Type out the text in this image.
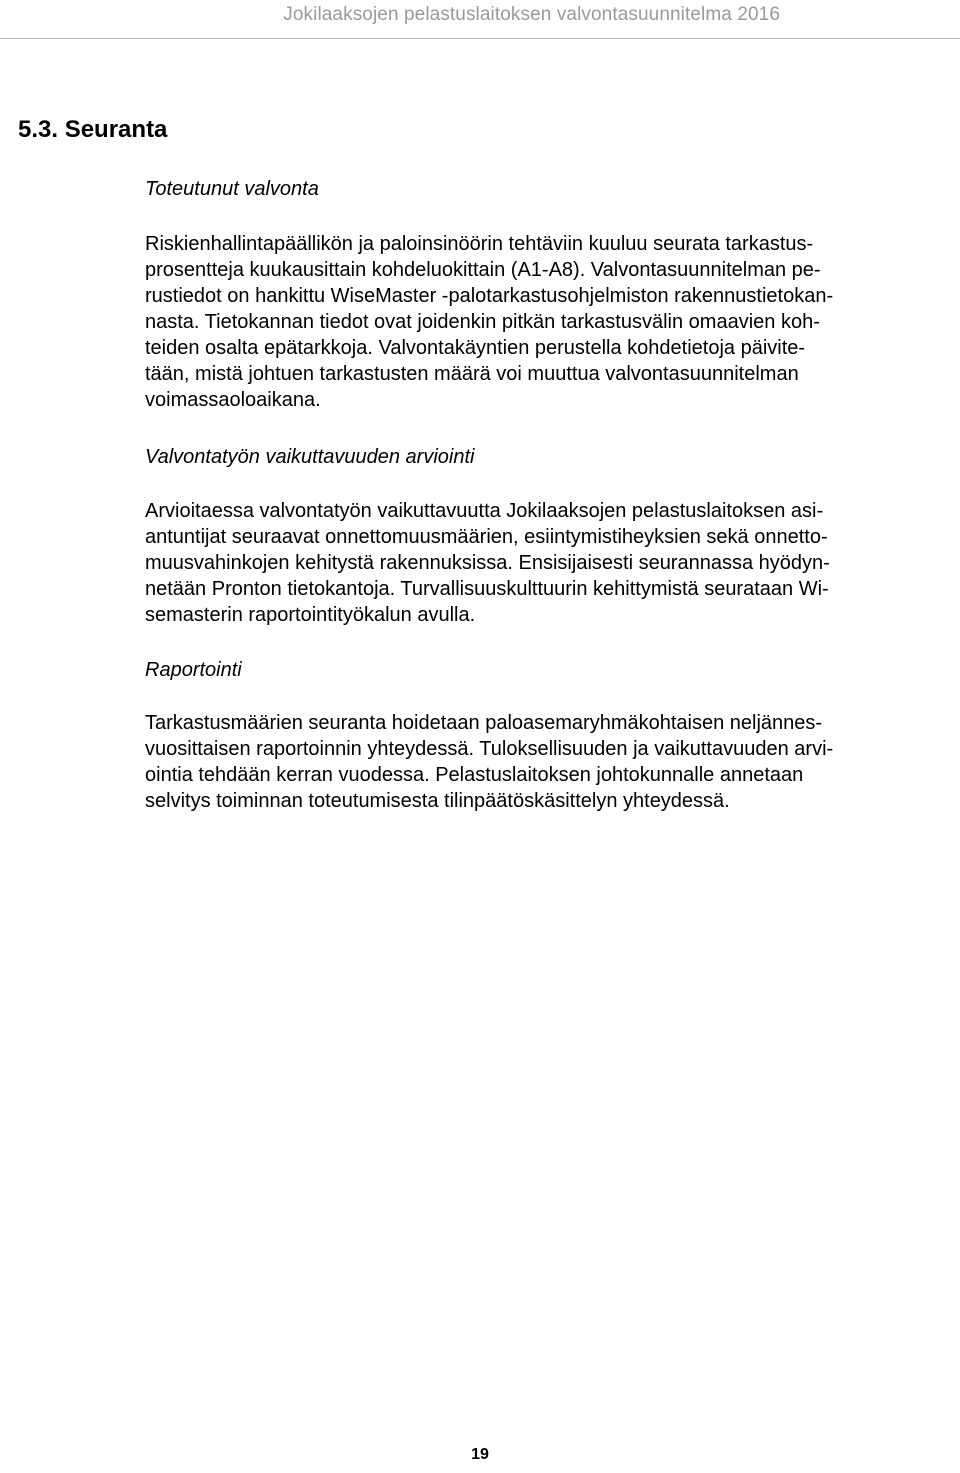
Jokilaaksojen pelastuslaitoksen valvontasuunnitelma 2016
5.3. Seuranta
Toteutunut valvonta
Riskienhallintapäällikön ja paloinsinöörin tehtäviin kuuluu seurata tarkastus-
prosentteja kuukausittain kohdeluokittain (A1-A8). Valvontasuunnitelman pe-
rustiedot on hankittu WiseMaster -palotarkastusohjelmiston rakennustietokan-
nasta. Tietokannan tiedot ovat joidenkin pitkän tarkastusvälin omaavien koh-
teiden osalta epätarkkoja. Valvontakäyntien perustella kohdetietoja päivite-
tään, mistä johtuen tarkastusten määrä voi muuttua valvontasuunnitelman
voimassaoloaikana.
Valvontatyön vaikuttavuuden arviointi
Arvioitaessa valvontatyön vaikuttavuutta Jokilaaksojen pelastuslaitoksen asi-
antuntijat seuraavat onnettomuusmäärien, esiintymistiheyksien sekä onnetto-
muusvahinkojen kehitystä rakennuksissa. Ensisijaisesti seurannassa hyödyn-
netään Pronton tietokantoja. Turvallisuuskulttuurin kehittymistä seurataan Wi-
semasterin raportointityökalun avulla.
Raportointi
Tarkastusmäärien seuranta hoidetaan paloasemaryhmäkohtaisen neljännes-
vuosittaisen raportoinnin yhteydessä. Tuloksellisuuden ja vaikuttavuuden arvi-
ointia tehdään kerran vuodessa. Pelastuslaitoksen johtokunnalle annetaan
selvitys toiminnan toteutumisesta tilinpäätöskäsittelyn yhteydessä.
19
